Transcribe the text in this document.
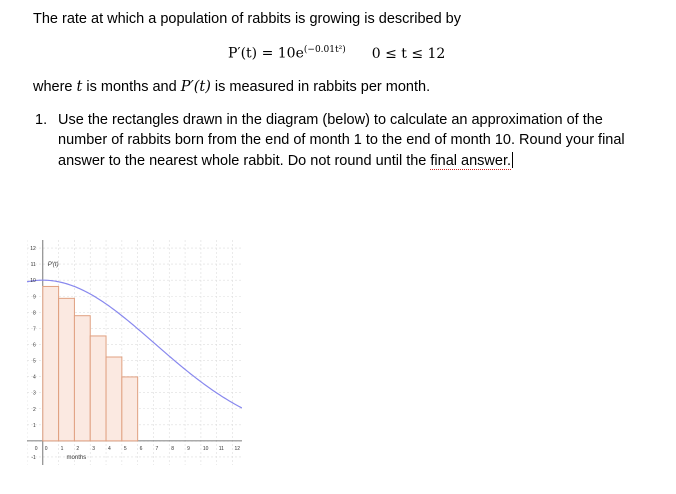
The rate at which a population of rabbits is growing is described by
$P'(t) = 10e^{(-0.01t^2)}$ 0 ≤ t ≤ 12
where t is months and P′(t) is measured in rabbits per month.
1. Use the rectangles drawn in the diagram (below) to calculate an approximation of the
number of rabbits born from the end of month 1 to the end of month 10. Round your final
answer to the nearest whole rabbit. Do not round until the final answer.
0	1	2	3	4	5	6	7	8	9	10 11 12
-1
0
1
2
3
4
5
6
7
8
9
10
11
12
months
P′(t)
